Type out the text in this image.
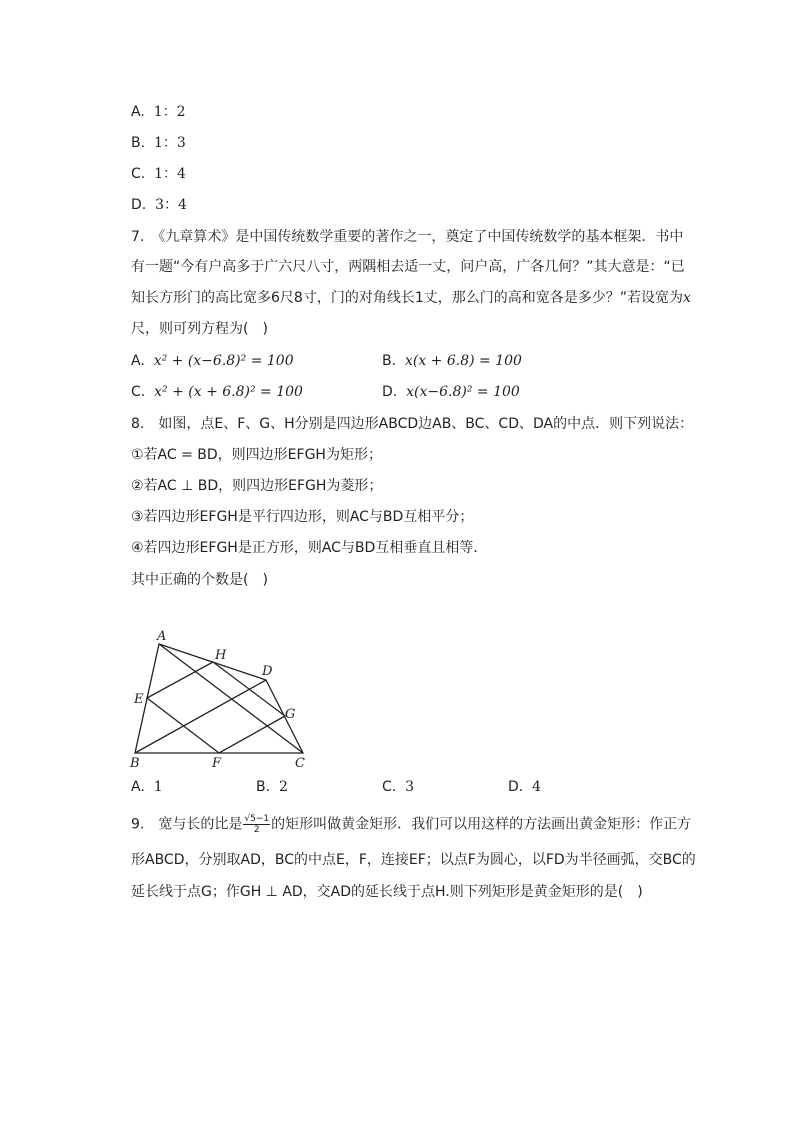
A. 1：2
B. 1：3
C. 1：4
D. 3：4
7.　《九章算术》是中国传统数学重要的著作之一，奠定了中国传统数学的基本框架．书中
有一题“今有户高多于广六尺八寸，两隅相去适一丈，问户高，广各几何？”其大意是：“已
知长方形门的高比宽多6尺8寸，门的对角线长1丈，那么门的高和宽各是多少？”若设宽为x
尺，则可列方程为(　)
A. x² + (x−6.8)² = 100	B. x(x + 6.8) = 100
C. x² + (x + 6.8)² = 100	D. x(x−6.8)² = 100
8.　如图，点E、F、G、H分别是四边形ABCD边AB、BC、CD、DA的中点．则下列说法：
①若AC = BD，则四边形EFGH为矩形；
②若AC ⊥ BD，则四边形EFGH为菱形；
③若四边形EFGH是平行四边形，则AC与BD互相平分；
④若四边形EFGH是正方形，则AC与BD互相垂直且相等．
其中正确的个数是(　)
A
B	C
D
E
F
G
H
A. 1	B. 2	C. 3	D. 4
9.　宽与长的比是 $\frac{√5-1}{2}$ 的矩形叫做黄金矩形．我们可以用这样的方法画出黄金矩形：作正方
形ABCD，分别取AD，BC的中点E，F，连接EF；以点F为圆心，以FD为半径画弧，交BC的
延长线于点G；作GH ⊥ AD，交AD的延长线于点H.则下列矩形是黄金矩形的是(　)
